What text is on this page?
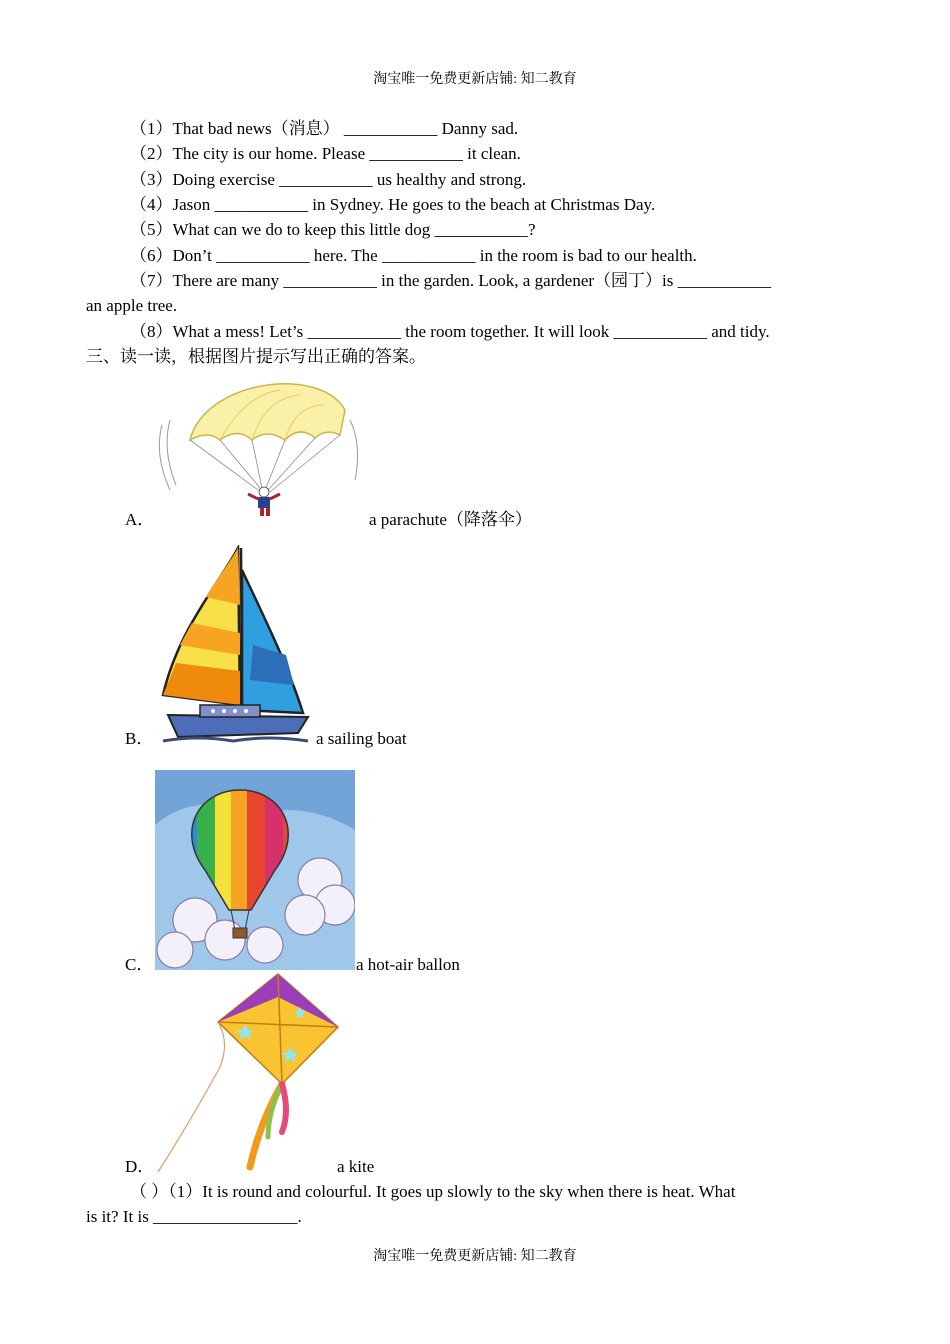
淘宝唯一免费更新店铺: 知二教育
（1）That bad news（消息） ___________ Danny sad.
（2）The city is our home. Please ___________ it clean.
（3）Doing exercise ___________ us healthy and strong.
（4）Jason ___________ in Sydney. He goes to the beach at Christmas Day.
（5）What can we do to keep this little dog ___________?
（6）Don’t ___________ here. The ___________ in the room is bad to our health.
（7）There are many ___________ in the garden. Look, a gardener（园丁）is ___________
an apple tree.
（8）What a mess! Let’s ___________ the room together. It will look ___________ and tidy.
三、读一读，根据图片提示写出正确的答案。
A．	a parachute（降落伞）
B．	a sailing boat
C．	a hot-air ballon
D．	a kite
（ ）（1）It is round and colourful. It goes up slowly to the sky when there is heat. What
is it? It is _________________.
淘宝唯一免费更新店铺: 知二教育
